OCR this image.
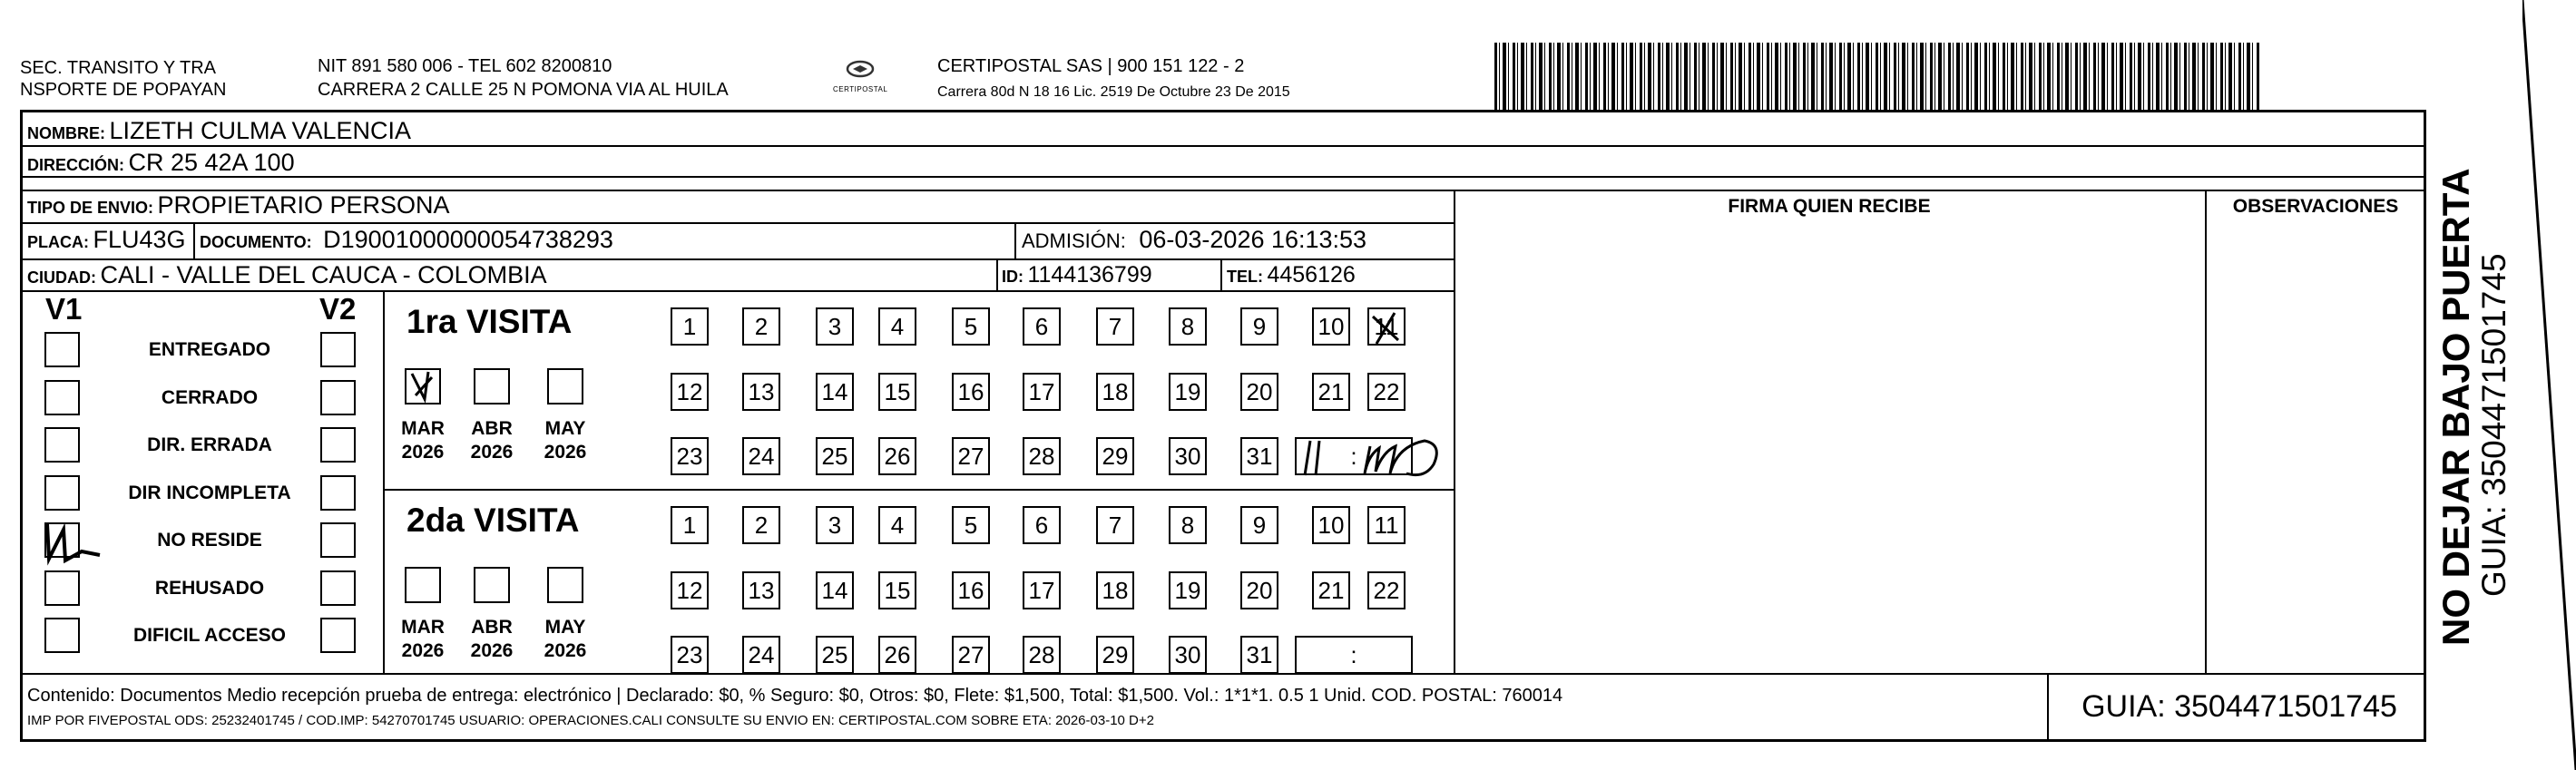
SEC. TRANSITO Y TRA
NSPORTE DE POPAYAN
NIT 891 580 006 - TEL 602 8200810
CARRERA 2 CALLE 25 N POMONA VIA AL HUILA	CERTIPOSTAL
CERTIPOSTAL SAS | 900 151 122 - 2
Carrera 80d N 18 16 Lic. 2519 De Octubre 23 De 2015
NOMBRE: LIZETH CULMA VALENCIA
DIRECCIÓN: CR 25 42A 100
TIPO DE ENVIO: PROPIETARIO PERSONA	FIRMA QUIEN RECIBE	OBSERVACIONES
PLACA: FLU43G DOCUMENTO: D19001000000054738293	ADMISIÓN: 06-03-2026 16:13:53
CIUDAD: CALI - VALLE DEL CAUCA - COLOMBIA	ID: 1144136799	TEL: 4456126
V1	V2
ENTREGADO
CERRADO
DIR. ERRADA
DIR INCOMPLETA
NO RESIDE
REHUSADO
DIFICIL ACCESO
1ra VISITA
MAR
2026
ABR
2026
MAY
2026
1	2	3	4	5	6	7	8	9	10 11
12 13 14 15 16 17 18 19 20 21 22
23 24 25 26 27 28 29 30 31	:
2da VISITA
MAR
2026
ABR
2026
MAY
2026
1	2	3	4	5	6	7	8	9	10 11
12 13 14 15 16 17 18 19 20 21 22
23 24 25 26 27 28 29 30 31	:
Contenido: Documentos Medio recepción prueba de entrega: electrónico | Declarado: $0, % Seguro: $0, Otros: $0, Flete: $1,500, Total: $1,500. Vol.: 1*1*1. 0.5 1 Unid. COD. POSTAL: 760014
IMP POR FIVEPOSTAL ODS: 25232401745 / COD.IMP: 54270701745 USUARIO: OPERACIONES.CALI CONSULTE SU ENVIO EN: CERTIPOSTAL.COM SOBRE ETA: 2026-03-10 D+2	GUIA: 3504471501745
NO DEJAR BAJO PUERTA
GUIA: 3504471501745
